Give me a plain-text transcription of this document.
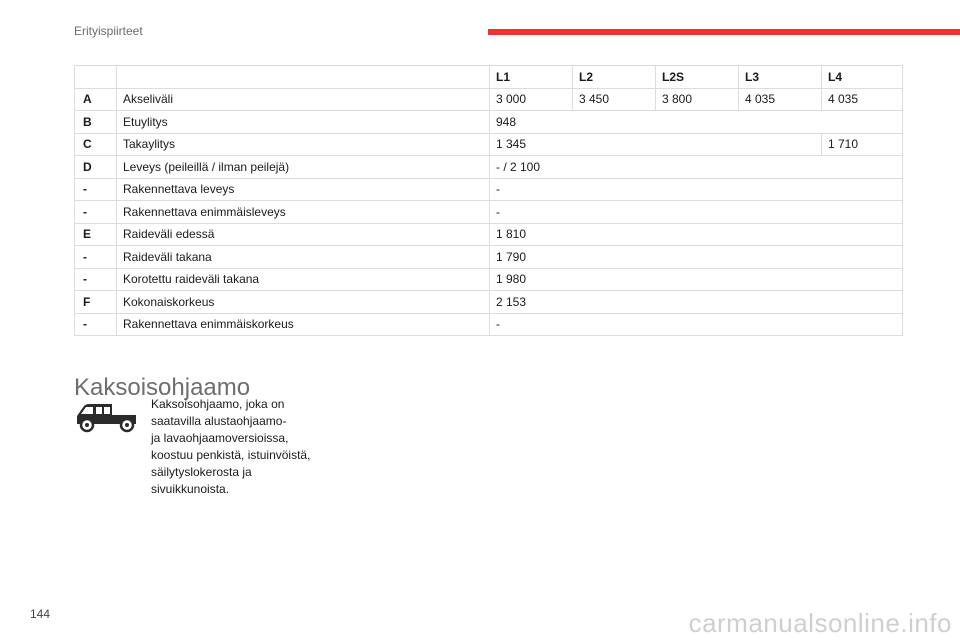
Erityispiirteet
		L1	L2	L2S	L3	L4
A	Akseliväli	3 000	3 450	3 800	4 035	4 035
B	Etuylitys	948				
C	Takaylitys	1 345				1 710
D	Leveys (peileillä / ilman peilejä)	- / 2 100				
-	Rakennettava leveys	-				
-	Rakennettava enimmäisleveys	-				
E	Raideväli edessä	1 810				
-	Raideväli takana	1 790				
-	Korotettu raideväli takana	1 980				
F	Kokonaiskorkeus	2 153				
-	Rakennettava enimmäiskorkeus	-				
Kaksoisohjaamo
Kaksoisohjaamo, joka on
saatavilla alustaohjaamo-
ja lavaohjaamoversioissa,
koostuu penkistä, istuinvöistä,
säilytyslokerosta ja
sivuikkunoista.
144	carmanualsonline.info
